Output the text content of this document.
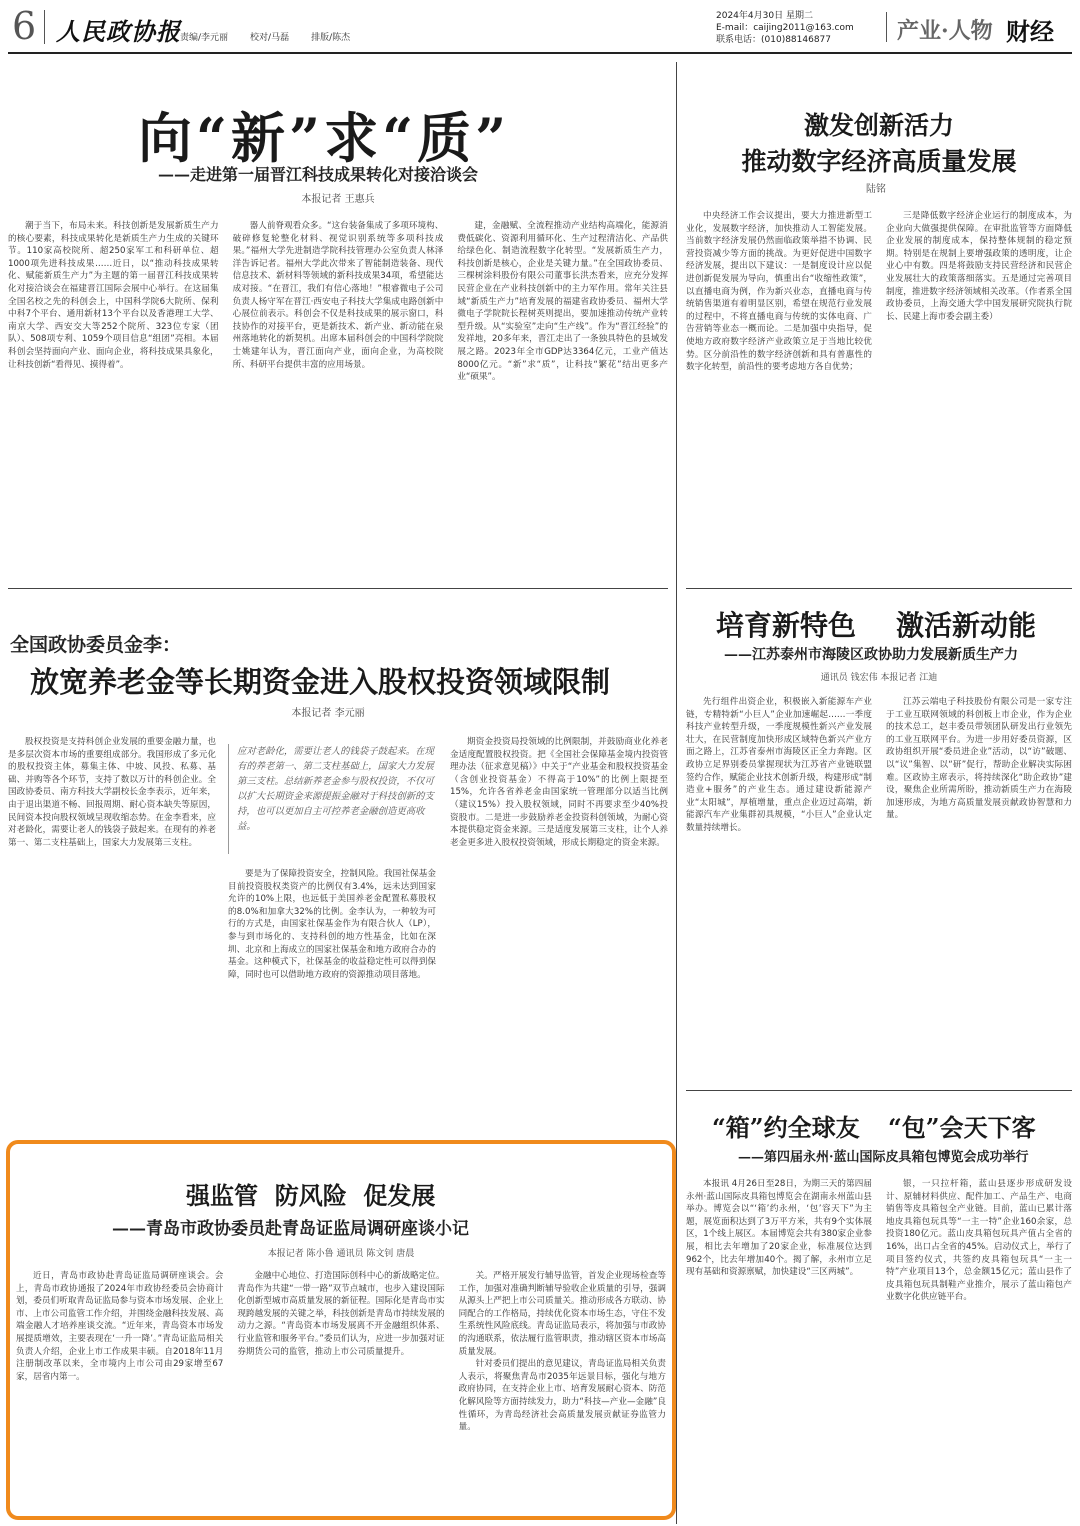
6 人民政协报 责编/李元丽 校对/马磊 排版/陈杰
2024年4月30日 星期二
E-mail：caijing2011@163.com
联系电话：(010)88146877	产业·人物 财经
向“新”求“质”
——走进第一届晋江科技成果转化对接洽谈会
本报记者 王惠兵

潮于当下，布局未来。科技创新是发展新质生产力的核心要素，科技成果转化是新质生产力生成的关键环节。110家高校院所、超250家军工和科研单位、超1000项先进科技成果……近日，以“推动科技成果转化、赋能新质生产力”为主题的第一届晋江科技成果转化对接洽谈会在福建晋江国际会展中心举行。在这届集全国名校之先的科创会上，中国科学院6大院所、保利中科7个平台、通用新材13个平台以及香港理工大学、南京大学、西安交大等252个院所、323位专家（团队）、508项专利、1059个项目信息“组团”亮相。本届科创会坚持面向产业、面向企业，将科技成果具象化，让科技创新“看得见、摸得着”。

器人前脊观看众多。“这台装备集成了多项环境构、破碎修复轮整化材料、视觉识别系统等多项科技成果。”福州大学先进制造学院科技管理办公室负责人林泽洋告诉记者。福州大学此次带来了智能制造装备、现代信息技术、新材料等领域的新科技成果34项，希望能达成对接。“在晋江，我们有信心落地！”根睿微电子公司负责人杨守军在晋江·西安电子科技大学集成电路创新中心展位前表示。科创会不仅是科技成果的展示窗口，科技协作的对接平台，更是新技术、新产业、新动能在泉州落地转化的新契机。出席本届科创会的中国科学院院士姚建年认为，晋江面向产业，面向企业，为高校院所、科研平台提供丰富的应用场景。

建，金融赋、全流程推动产业结构高端化，能源消费低碳化、资源利用循环化、生产过程清洁化、产品供给绿色化、制造流程数字化转型。“发展新质生产力，科技创新是核心，企业是关键力量。”在全国政协委员、三棵树涂料股份有限公司董事长洪杰看来，应充分发挥民营企业在产业科技创新中的主力军作用。常年关注县域“新质生产力”培育发展的福建省政协委员、福州大学微电子学院院长程树英则提出，要加速推动传统产业转型升级。从“实验室”走向“生产线”。作为“晋江经验”的发祥地，20多年来，晋江走出了一条独具特色的县域发展之路。2023年全市GDP达3364亿元，工业产值达8000亿元。“新”求“质”，让科技“繁花”结出更多产业“硕果”。

激发创新活力
推动数字经济高质量发展
陆铭

中央经济工作会议提出，要大力推进新型工业化，发展数字经济，加快推动人工智能发展。当前数字经济发展仍然面临政策举措不协调、民营投资减少等方面的挑战。为更好促进中国数字经济发展，提出以下建议：一是制度设计应以促进创新促发展为导向，慎重出台“收缩性政策”，以直播电商为例，作为新兴业态，直播电商与传统销售渠道有着明显区别，希望在规范行业发展的过程中，不将直播电商与传统的实体电商、广告营销等业态一概而论。二是加强中央指导，促使地方政府数字经济产业政策立足于当地比较优势。区分前沿性的数字经济创新和具有普惠性的数字化转型，前沿性的要考虑地方各自优势；

三是降低数字经济企业运行的制度成本，为企业向大做强提供保障。在审批监管等方面降低企业发展的制度成本，保持整体规制的稳定预期。特别是在规制上要增强政策的透明度，让企业心中有数。四是将鼓励支持民营经济和民营企业发展壮大的政策落细落实。五是通过完善项目制度，推进数字经济领域相关改革。（作者系全国政协委员，上海交通大学中国发展研究院执行院长、民建上海市委会副主委）

全国政协委员金李：
放宽养老金等长期资金进入股权投资领域限制
本报记者 李元丽

股权投资是支持科创企业发展的重要金融力量，也是多层次资本市场的重要组成部分。我国形成了多元化的股权投资主体，募集主体、中坡、风投、私募、基础、并购等各个环节，支持了数以万计的科创企业。全国政协委员、南方科技大学副校长金李表示，近年来，由于退出渠道不畅、回报周期、耐心资本缺失等原因，民间资本投向股权领域呈现收缩态势。在金李看来，应对老龄化，需要让老人的钱袋子鼓起来。在现有的养老第一、第二支柱基础上，国家大力发展第三支柱。

应对老龄化，需要让老人的钱袋子鼓起来。在现有的养老第一、第二支柱基础上，国家大力发展第三支柱。总结新养老金参与股权投资，不仅可以扩大长期资金来源提振金融对于科技创新的支持，也可以更加自主可控养老金融创造更高收益。

要是为了保障投资安全，控制风险。我国社保基金目前投资股权类资产的比例仅有3.4%，远未达到国家允许的10%上限，也远低于美国养老金配置私募股权的8.0%和加拿大32%的比例。金李认为，一种较为可行的方式是，由国家社保基金作为有限合伙人（LP），参与到市场化的、支持科创的地方性基金，比如在深圳、北京和上海成立的国家社保基金和地方政府合办的基金。这种模式下，社保基金的收益稳定性可以得到保障，同时也可以借助地方政府的资源推动项目落地。

期资金投资局投领域的比例限制，并鼓励商业化养老金适度配置股权投资。把《全国社会保障基金境内投资管理办法（征求意见稿）》中关于“产业基金和股权投资基金（含创业投资基金）不得高于10%”的比例上限提至15%，允许各省养老金由国家统一管理部分以适当比例（建议15%）投入股权领域，同时不再要求至少40%投资股市。二是进一步鼓励养老金投资科创领域，为耐心资本提供稳定资金来源。三是适度发展第三支柱，让个人养老金更多进入股权投资领域，形成长期稳定的资金来源。

培育新特色 激活新动能
——江苏泰州市海陵区政协助力发展新质生产力
通讯员 钱宏伟 本报记者 江迪

先行组件出资企业，积极嵌入新能源车产业链，专精特新“小巨人”企业加速崛起……一季度科技产业转型升级，一季度规模性新兴产业发展壮大，在民营制度加快形成区域特色新兴产业方面之路上，江苏省泰州市海陵区正全力奔跑。区政协立足界别委员掌握现状为江苏省产业链联盟签约合作，赋能企业技术创新升级，构建形成“制造业+服务”的产业生态。通过建设新能源产业“太阳城”，厚植增量，重点企业迈过高端，新能源汽车产业集群初具规模，“小巨人”企业认定数量持续增长。

江苏云端电子科技股份有限公司是一家专注于工业互联网领域的科创板上市企业，作为企业的技术总工，赵丰委员带领团队研发出行业领先的工业互联网平台。为进一步用好委员资源，区政协组织开展“委员进企业”活动，以“访”破题、以“议”集智、以“研”促行，帮助企业解决实际困难。区政协主席表示，将持续深化“助企政协”建设，聚焦企业所需所盼，推动新质生产力在海陵加速形成，为地方高质量发展贡献政协智慧和力量。

强监管  防风险  促发展
——青岛市政协委员赴青岛证监局调研座谈小记
本报记者 陈小鲁 通讯员 陈文钊 唐晨

近日，青岛市政协赴青岛证监局调研座谈会。会上，青岛市政协通报了2024年市政协经委员会协商计划，委员们听取青岛证监局参与资本市场发展、企业上市、上市公司监管工作介绍，并围绕金融科技发展、高端金融人才培养座谈交流。“近年来，青岛资本市场发展提质增效，主要表现在‘一升一降’。”青岛证监局相关负责人介绍，企业上市工作成果丰硕。自2018年11月注册制改革以来，全市境内上市公司由29家增至67家，居省内第一。

金融中心地位、打造国际创科中心的新战略定位。青岛作为共建“一带一路”双节点城市，也步入建设国际化创新型城市高质量发展的新征程。国际化是青岛市实现跨越发展的关键之举，科技创新是青岛市持续发展的动力之源。“青岛资本市场发展离不开金融组织体系、行业监管和服务平台。”委员们认为，应进一步加强对证券期货公司的监管，推动上市公司质量提升。

关。严格开展发行辅导监管，首发企业现场检查等工作，加强对准确判断辅导验收企业质量的引导，强调从源头上严把上市公司质量关。推动形成各方联动、协同配合的工作格局，持续优化资本市场生态，守住不发生系统性风险底线。青岛证监局表示，将加强与市政协的沟通联系，依法履行监管职责，推动辖区资本市场高质量发展。

针对委员们提出的意见建议，青岛证监局相关负责人表示，将聚焦青岛市2035年远景目标，强化与地方政府协同，在支持企业上市、培育发展耐心资本、防范化解风险等方面持续发力，助力“科技—产业—金融”良性循环，为青岛经济社会高质量发展贡献证券监管力量。

“箱”约全球友 “包”会天下客
——第四届永州·蓝山国际皮具箱包博览会成功举行

本报讯 4月26日至28日，为期三天的第四届永州·蓝山国际皮具箱包博览会在湖南永州蓝山县举办。博览会以“‘箱’约永州，‘包’容天下”为主题，展览面积达到了3万平方米，共有9个实体展区，1个线上展区。本届博览会共有380家企业参展，相比去年增加了20家企业，标准展位达到962个，比去年增加40个。揭了解，永州市立足现有基础和资源禀赋，加快建设“三区两城”。

银，一只拉杆箱，蓝山县逐步形成研发设计、原辅材料供应、配件加工、产品生产、电商销售等皮具箱包全产业链。目前，蓝山已累计落地皮具箱包玩具等“一主一特”企业160余家，总投资180亿元。蓝山皮具箱包玩具产值占全省的16%，出口占全省的45%。启动仪式上，举行了项目签约仪式，共签约皮具箱包玩具“一主一特”产业项目13个，总金额15亿元；蓝山县作了皮具箱包玩具制鞋产业推介，展示了蓝山箱包产业数字化供应链平台。
